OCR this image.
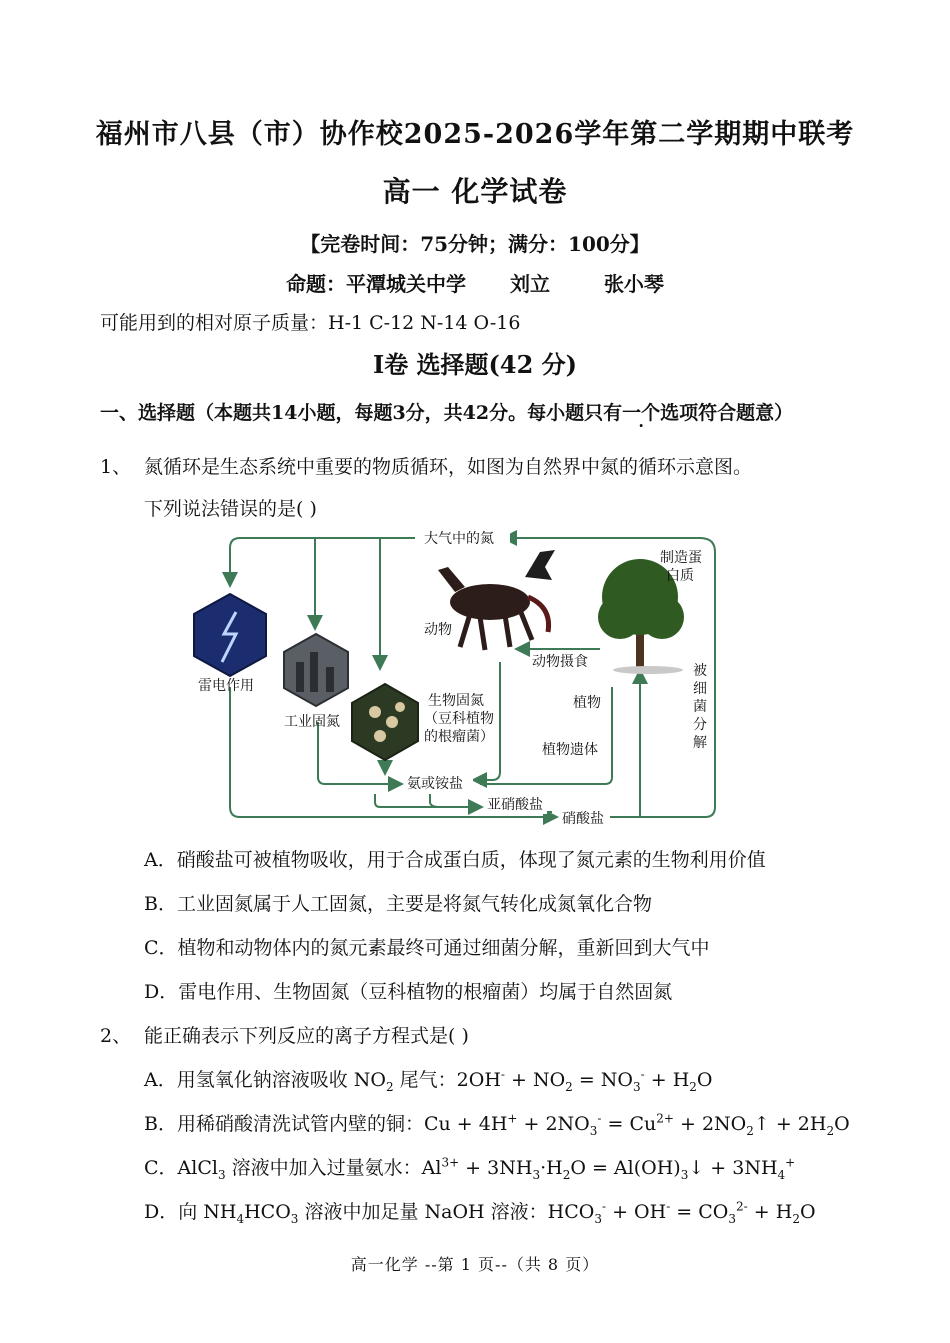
福州市八县（市）协作校2025-2026学年第二学期期中联考
高一 化学试卷
【完卷时间：75分钟；满分：100分】
命题：平潭城关中学 刘立	张小琴
可能用到的相对原子质量：H-1 C-12 N-14 O-16
Ⅰ卷 选择题(42 分)
一、选择题（本题共14小题，每题3分，共42分。每小题只有一个选项符合题意）
1、 氮循环是生态系统中重要的物质循环，如图为自然界中氮的循环示意图。
下列说法错误的是( )
大气中的氮
雷电作用
工业固氮
生物固氮
（豆科植物
的根瘤菌）
动物
制造蛋
白质
动物摄食
植物
植物遗体
被
细
菌
分
解
氨或铵盐
亚硝酸盐
硝酸盐
A．硝酸盐可被植物吸收，用于合成蛋白质，体现了氮元素的生物利用价值
B．工业固氮属于人工固氮，主要是将氮气转化成氮氧化合物
C．植物和动物体内的氮元素最终可通过细菌分解，重新回到大气中
D．雷电作用、生物固氮（豆科植物的根瘤菌）均属于自然固氮
2、 能正确表示下列反应的离子方程式是( )
A．用氢氧化钠溶液吸收 $NO_2$ 尾气：$2OH^- + NO_2 = NO_3^- + H_2O$
B．用稀硝酸清洗试管内壁的铜：$Cu + 4H^+ + 2NO_3^- = Cu^{2+}$ + $2NO_2↑ + 2H_2O$
C．AlCl$_3$ 溶液中加入过量氨水：$Al^{3+} + 3NH_3\cdot H_2O$ = $Al(OH)_3↓ + 3NH_4^+$
D．向 $NH_4HCO_3$ 溶液中加足量 NaOH 溶液：$HCO_3^- + OH^- = CO_3^{2-} + H_2O$
高一化学 --第 1 页--（共 8 页）
